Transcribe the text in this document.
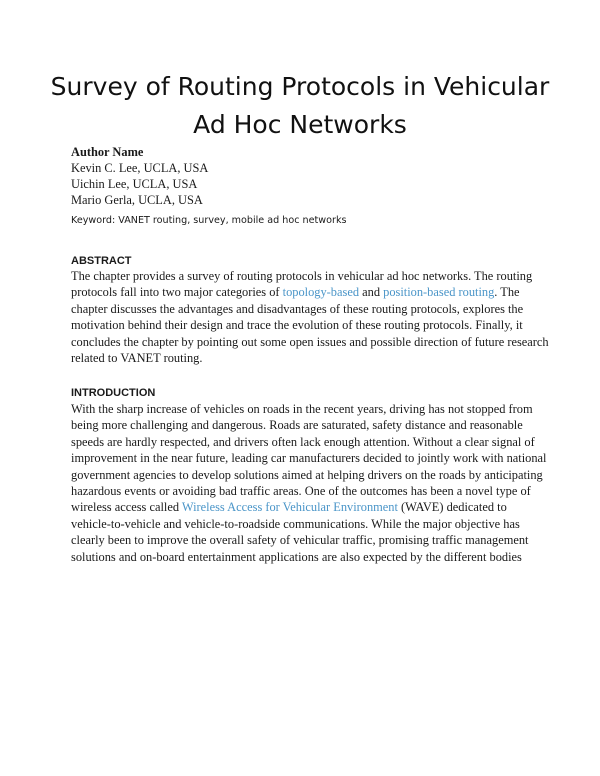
Survey of Routing Protocols in Vehicular
Ad Hoc Networks
Author Name
Kevin C. Lee, UCLA, USA
Uichin Lee, UCLA, USA
Mario Gerla, UCLA, USA
Keyword: VANET routing, survey, mobile ad hoc networks
ABSTRACT
The chapter provides a survey of routing protocols in vehicular ad hoc networks. The routing
protocols fall into two major categories of topology-based and position-based routing. The
chapter discusses the advantages and disadvantages of these routing protocols, explores the
motivation behind their design and trace the evolution of these routing protocols. Finally, it
concludes the chapter by pointing out some open issues and possible direction of future research
related to VANET routing.
INTRODUCTION
With the sharp increase of vehicles on roads in the recent years, driving has not stopped from
being more challenging and dangerous. Roads are saturated, safety distance and reasonable
speeds are hardly respected, and drivers often lack enough attention. Without a clear signal of
improvement in the near future, leading car manufacturers decided to jointly work with national
government agencies to develop solutions aimed at helping drivers on the roads by anticipating
hazardous events or avoiding bad traffic areas. One of the outcomes has been a novel type of
wireless access called Wireless Access for Vehicular Environment (WAVE) dedicated to
vehicle-to-vehicle and vehicle-to-roadside communications. While the major objective has
clearly been to improve the overall safety of vehicular traffic, promising traffic management
solutions and on-board entertainment applications are also expected by the different bodies
